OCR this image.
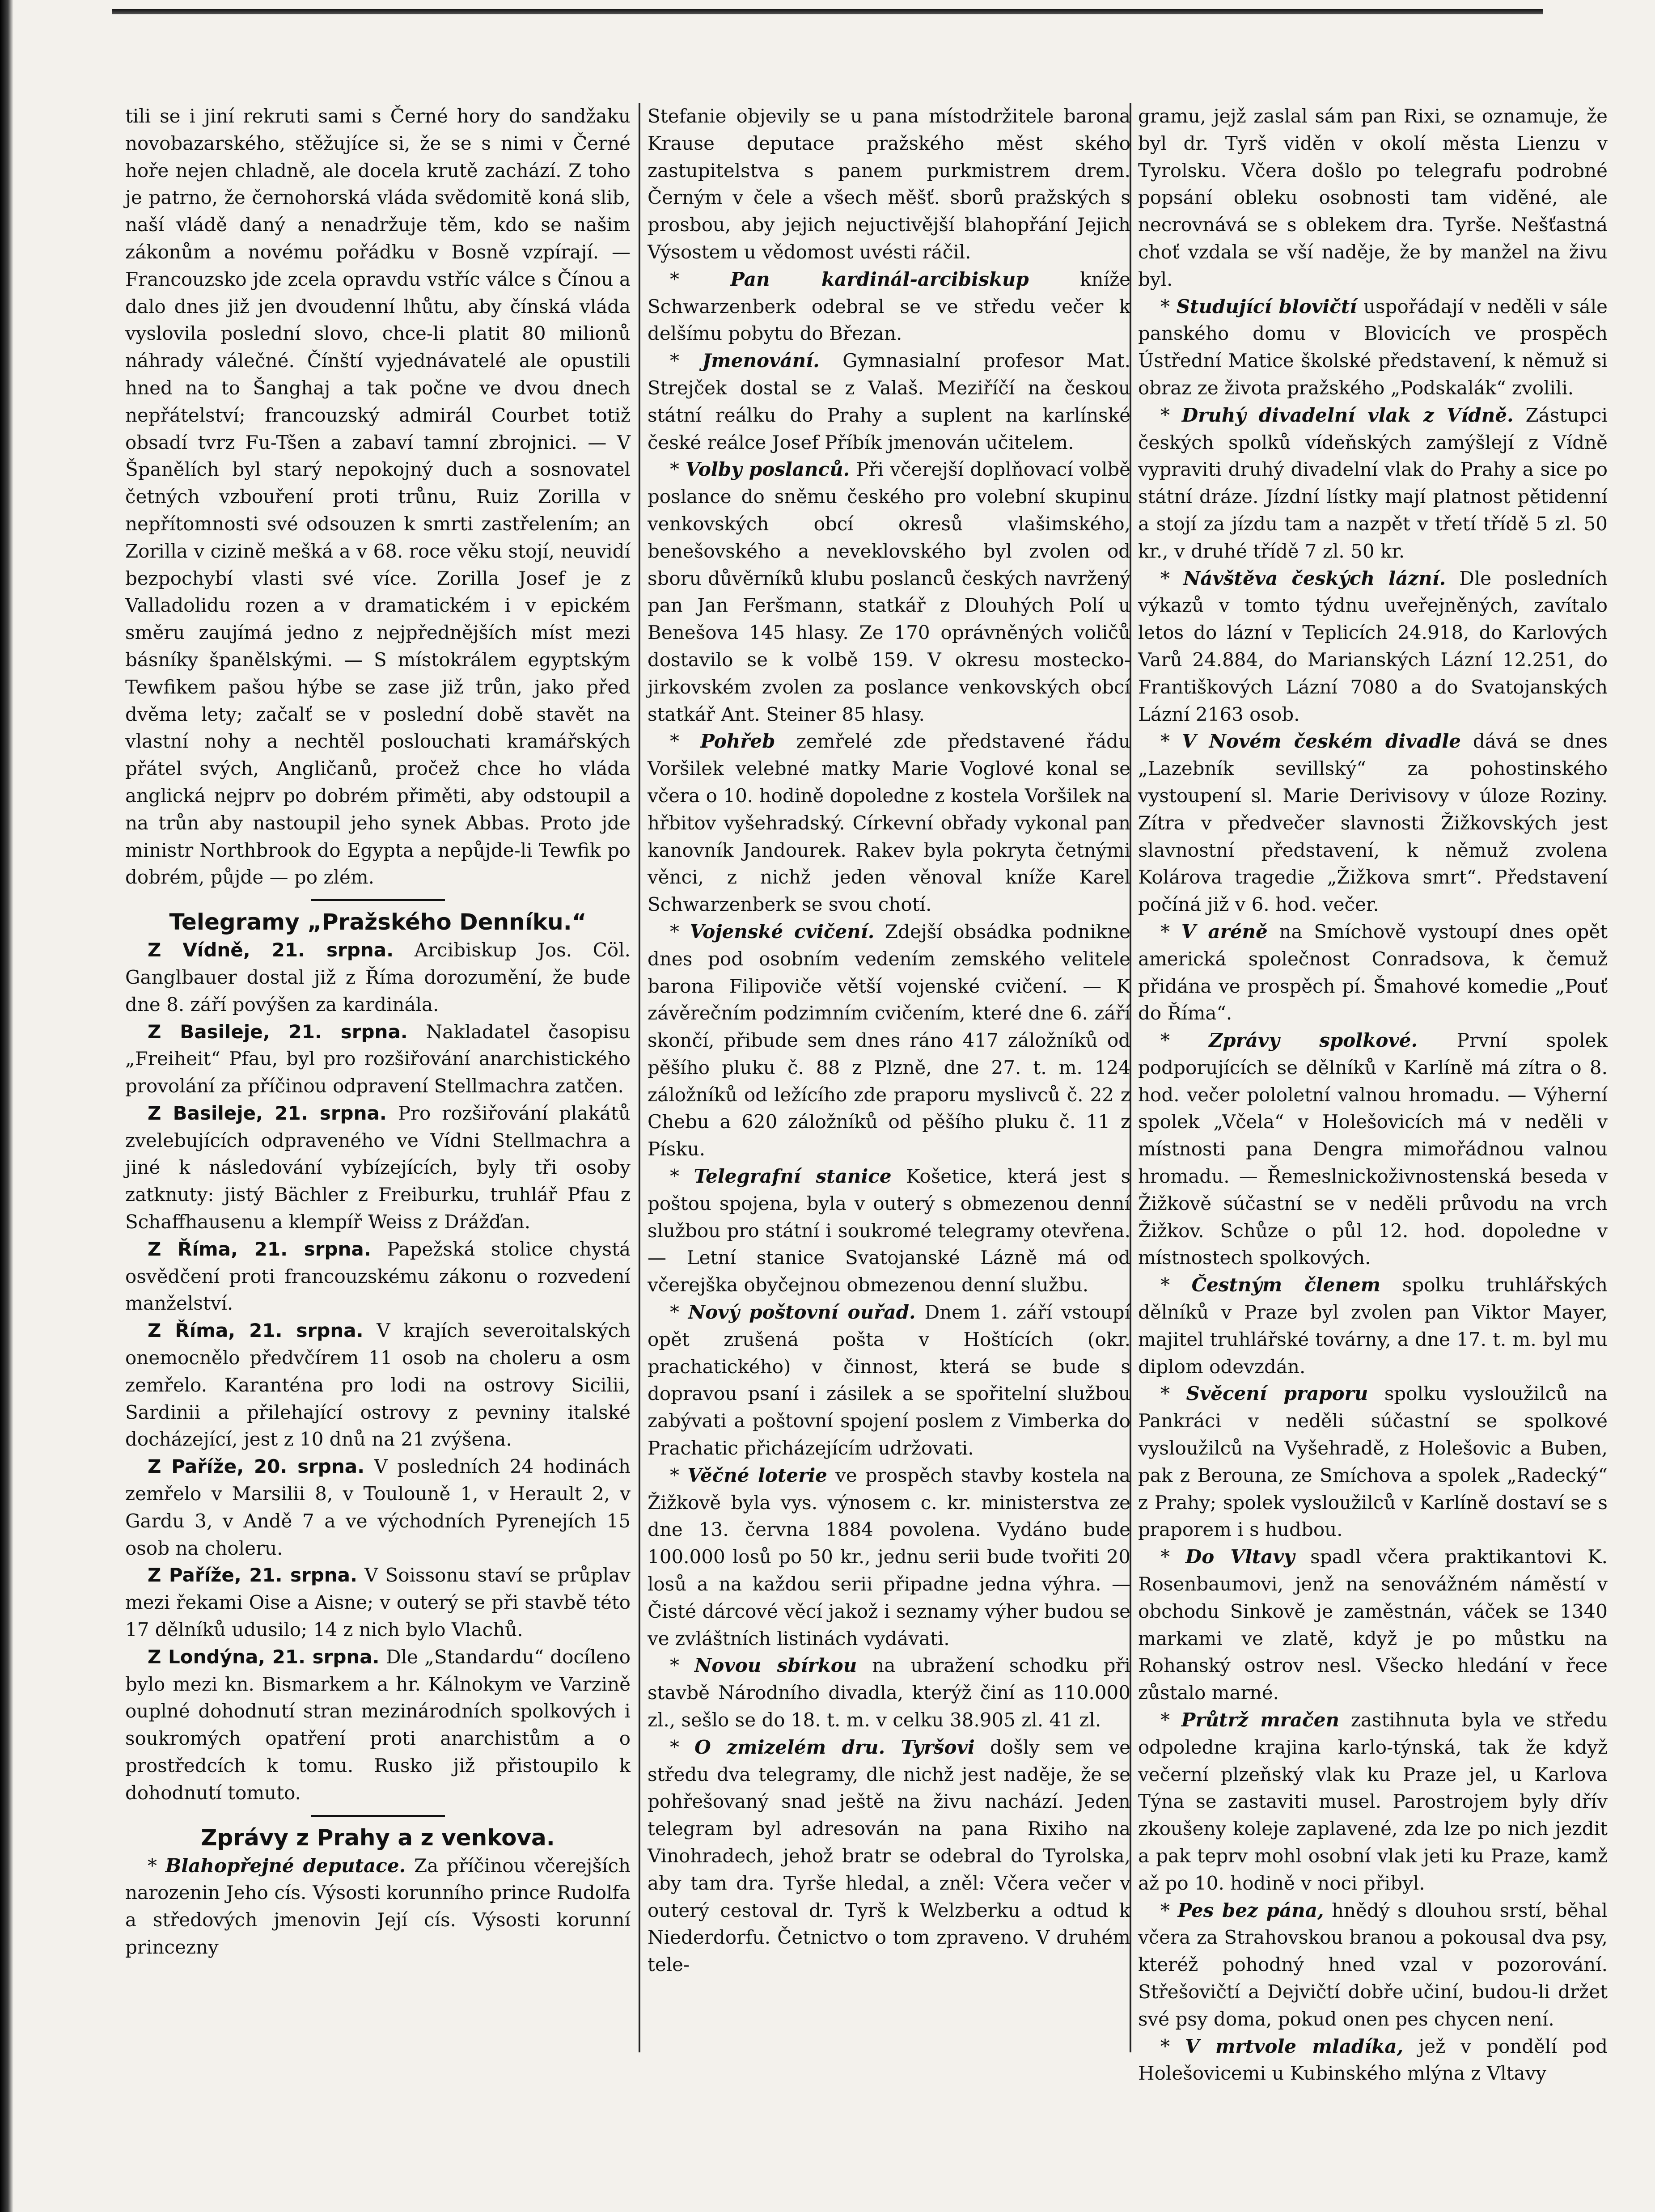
tili se i jiní rekruti sami s Černé hory do sandžaku novobazarského, stěžujíce si, že se s nimi v Černé hoře nejen chladně, ale docela krutě zachází. Z toho je patrno, že černohorská vláda svědomitě koná slib, naší vládě daný a nenadržuje těm, kdo se našim zákonům a novému pořádku v Bosně vzpírají. — Francouzsko jde zcela opravdu vstříc válce s Čínou a dalo dnes již jen dvoudenní lhůtu, aby čínská vláda vyslovila poslední slovo, chce-li platit 80 milionů náhrady válečné. Čínští vyjednávatelé ale opustili hned na to Šanghaj a tak počne ve dvou dnech nepřátelství; francouzský admirál Courbet totiž obsadí tvrz Fu-Tšen a zabaví tamní zbrojnici. — V Španělích byl starý nepokojný duch a sosnovatel četných vzbouření proti trůnu, Ruiz Zorilla v nepřítomnosti své odsouzen k smrti zastřelením; an Zorilla v cizině mešká a v 68. roce věku stojí, neuvidí bezpochybí vlasti své více. Zorilla Josef je z Valladolidu rozen a v dramatickém i v epickém směru zaujímá jedno z nejpřednějších míst mezi básníky španělskými. — S místokrálem egyptským Tewfikem pašou hýbe se zase již trůn, jako před dvěma lety; začalť se v poslední době stavět na vlastní nohy a nechtěl poslouchati kramářských přátel svých, Angličanů, pročež chce ho vláda anglická nejprv po dobrém přiměti, aby odstoupil a na trůn aby nastoupil jeho synek Abbas. Proto jde ministr Northbrook do Egypta a nepůjde-li Tewfik po dobrém, půjde — po zlém.

Telegramy „Pražského Denníku.“

Z Vídně, 21. srpna. Arcibiskup Jos. Cöl. Ganglbauer dostal již z Říma dorozumění, že bude dne 8. září povýšen za kardinála.

Z Basileje, 21. srpna. Nakladatel časopisu „Freiheit“ Pfau, byl pro rozšiřování anarchistického provolání za příčinou odpravení Stellmachra zatčen.

Z Basileje, 21. srpna. Pro rozšiřování plakátů zvelebujících odpraveného ve Vídni Stellmachra a jiné k následování vybízejících, byly tři osoby zatknuty: jistý Bächler z Freiburku, truhlář Pfau z Schaffhausenu a klempíř Weiss z Drážďan.

Z Říma, 21. srpna. Papežská stolice chystá osvědčení proti francouzskému zákonu o rozvedení manželství.

Z Říma, 21. srpna. V krajích severoitalských onemocnělo předvčírem 11 osob na choleru a osm zemřelo. Karanténa pro lodi na ostrovy Sicilii, Sardinii a přilehající ostrovy z pevniny italské docházející, jest z 10 dnů na 21 zvýšena.

Z Paříže, 20. srpna. V posledních 24 hodinách zemřelo v Marsilii 8, v Toulouně 1, v Herault 2, v Gardu 3, v Andě 7 a ve východních Pyrenejích 15 osob na choleru.

Z Paříže, 21. srpna. V Soissonu staví se průplav mezi řekami Oise a Aisne; v outerý se při stavbě této 17 dělníků udusilo; 14 z nich bylo Vlachů.

Z Londýna, 21. srpna. Dle „Standardu“ docíleno bylo mezi kn. Bismarkem a hr. Kálnokym ve Varzině ouplné dohodnutí stran mezinárodních spolkových i soukromých opatření proti anarchistům a o prostředcích k tomu. Rusko již přistoupilo k dohodnutí tomuto.

Zprávy z Prahy a z venkova.

* Blahopřejné deputace. Za příčinou včerejších narozenin Jeho cís. Výsosti korunního prince Rudolfa a středových jmenovin Její cís. Výsosti korunní princezny

Stefanie objevily se u pana místodržitele barona Krause deputace pražského měst ského zastupitelstva s panem purkmistrem drem. Černým v čele a všech měšť. sborů pražských s prosbou, aby jejich nejuctivější blahopřání Jejich Výsostem u vědomost uvésti ráčil.

* Pan kardinál-arcibiskup	kníže Schwarzenberk odebral se ve středu večer k delšímu pobytu do Březan.

* Jmenování. Gymnasialní profesor Mat. Strejček dostal se z Valaš. Meziříčí na českou státní reálku do Prahy a suplent na karlínské české reálce Josef Příbík jmenován učitelem.

* Volby poslanců. Při včerejší doplňovací volbě poslance do sněmu českého pro volební skupinu venkovských obcí okresů vlašimského, benešovského a neveklovského byl zvolen od sboru důvěrníků klubu poslanců českých navržený pan Jan Feršmann, statkář z Dlouhých Polí u Benešova 145 hlasy. Ze 170 oprávněných voličů dostavilo se k volbě 159. V okresu mostecko-jirkovském zvolen za poslance venkovských obcí statkář Ant. Steiner 85 hlasy.

* Pohřeb zemřelé zde představené řádu Voršilek velebné matky Marie Voglové konal se včera o 10. hodině dopoledne z kostela Voršilek na hřbitov vyšehradský. Církevní obřady vykonal pan kanovník Jandourek. Rakev byla pokryta četnými věnci, z nichž jeden věnoval kníže Karel Schwarzenberk se svou chotí.

* Vojenské cvičení. Zdejší obsádka podnikne dnes pod osobním vedením zemského velitele barona Filipoviče větší vojenské cvičení. — K závěrečním podzimním cvičením, které dne 6. září skončí, přibude sem dnes ráno 417 záložníků od pěšího pluku č. 88 z Plzně, dne 27. t. m. 124 záložníků od ležícího zde praporu myslivců č. 22 z Chebu a 620 záložníků od pěšího pluku č. 11 z Písku.

* Telegrafní stanice Košetice, která jest s poštou spojena, byla v outerý s obmezenou denní službou pro státní i soukromé telegramy otevřena. — Letní stanice Svatojanské Lázně má od včerejška obyčejnou obmezenou denní službu.

* Nový poštovní ouřad. Dnem 1. září vstoupí opět zrušená pošta v Hoštících (okr. prachatického) v činnost, která se bude s dopravou psaní i zásilek a se spořitelní službou zabývati a poštovní spojení poslem z Vimberka do Prachatic přicházejícím udržovati.

* Věčné loterie ve prospěch stavby kostela na Žižkově byla vys. výnosem c. kr. ministerstva ze dne 13. června 1884 povolena. Vydáno bude 100.000 losů po 50 kr., jednu serii bude tvořiti 20 losů a na každou serii připadne jedna výhra. — Čisté dárcové věcí jakož i seznamy výher budou se ve zvláštních listinách vydávati.

* Novou sbírkou na ubražení schodku při stavbě Národního divadla, kterýž činí as 110.000 zl., sešlo se do 18. t. m. v celku 38.905 zl. 41 zl.

* O zmizelém dru. Tyršovi došly sem ve středu dva telegramy, dle nichž jest naděje, že se pohřešovaný snad ještě na živu nachází. Jeden telegram byl adresován na pana Rixiho na Vinohradech, jehož bratr se odebral do Tyrolska, aby tam dra. Tyrše hledal, a zněl: Včera večer v outerý cestoval dr. Tyrš k Welzberku a odtud k Niederdorfu. Četnictvo o tom zpraveno. V druhém tele-

gramu, jejž zaslal sám pan Rixi, se oznamuje, že byl dr. Tyrš viděn v okolí města Lienzu v Tyrolsku. Včera došlo po telegrafu podrobné popsání obleku osobnosti tam viděné, ale neсrovnává se s oblekem dra. Tyrše. Nešťastná choť vzdala se vší naděje, že by manžel na živu byl.

* Studující blovičtí uspořádají v neděli v sále panského domu v Blovicích ve prospěch Ústřední Matice školské představení, k němuž si obraz ze života pražského „Podskalák“ zvolili.

* Druhý divadelní vlak z Vídně. Zástupci českých spolků vídeňských zamýšlejí z Vídně vypraviti druhý divadelní vlak do Prahy a sice po státní dráze. Jízdní lístky mají platnost pětidenní a stojí za jízdu tam a nazpět v třetí třídě 5 zl. 50 kr., v druhé třídě 7 zl. 50 kr.

* Návštěva českých lázní. Dle posledních výkazů v tomto týdnu uveřejněných, zavítalo letos do lázní v Teplicích 24.918, do Karlových Varů 24.884, do Marianských Lázní 12.251, do Františkových Lázní 7080 a do Svatojanských Lázní 2163 osob.

* V Novém českém divadle dává se dnes „Lazebník sevillský“ za pohostinského vystoupení sl. Marie Derivisovy v úloze Roziny. Zítra v předvečer slavnosti Žižkovských jest slavnostní představení, k němuž zvolena Kolárova tragedie „Žižkova smrt“. Představení počíná již v 6. hod. večer.

* V aréně na Smíchově vystoupí dnes opět americká společnost Conradsova, k čemuž přidána ve prospěch pí. Šmahové komedie „Pouť do Říma“.

* Zprávy spolkové. První spolek podporujících se dělníků v Karlíně má zítra o 8. hod. večer pololetní valnou hromadu. — Výherní spolek „Včela“ v Holešovicích má v neděli v místnosti pana Dengra mimořádnou valnou hromadu. — Řemeslnickoživnostenská beseda v Žižkově súčastní se v neděli průvodu na vrch Žižkov. Schůze o půl 12. hod. dopoledne v místnostech spolkových.

* Čestným členem spolku truhlářských dělníků v Praze byl zvolen pan Viktor Mayer, majitel truhlářské továrny, a dne 17. t. m. byl mu diplom odevzdán.

* Svěcení praporu spolku vysloužilců na Pankráci v neděli súčastní se spolkové vysloužilců na Vyšehradě, z Holešovic a Buben, pak z Berouna, ze Smíchova a spolek „Radecký“ z Prahy; spolek vysloužilců v Karlíně dostaví se s praporem i s hudbou.

* Do Vltavy spadl včera praktikantovi K. Rosenbaumovi, jenž na senovážném náměstí v obchodu Sinkově je zaměstnán, váček se 1340 markami ve zlatě, když je po můstku na Rohanský ostrov nesl. Všecko hledání v řece zůstalo marné.

* Průtrž mračen zastihnuta byla ve středu odpoledne krajina karlo-týnská, tak že když večerní plzeňský vlak ku Praze jel, u Karlova Týna se zastaviti musel. Parostrojem byly dřív zkoušeny koleje zaplavené, zda lze po nich jezdit a pak teprv mohl osobní vlak jeti ku Praze, kamž až po 10. hodině v noci přibyl.

* Pes bez pána, hnědý s dlouhou srstí, běhal včera za Strahovskou branou a pokousal dva psy, kteréž pohodný hned vzal v pozorování. Střešovičtí a Dejvičtí dobře učiní, budou-li držet své psy doma, pokud onen pes chycen není.

* V mrtvole mladíka, jež v pondělí pod Holešovicemi u Kubinského mlýna z Vltavy
